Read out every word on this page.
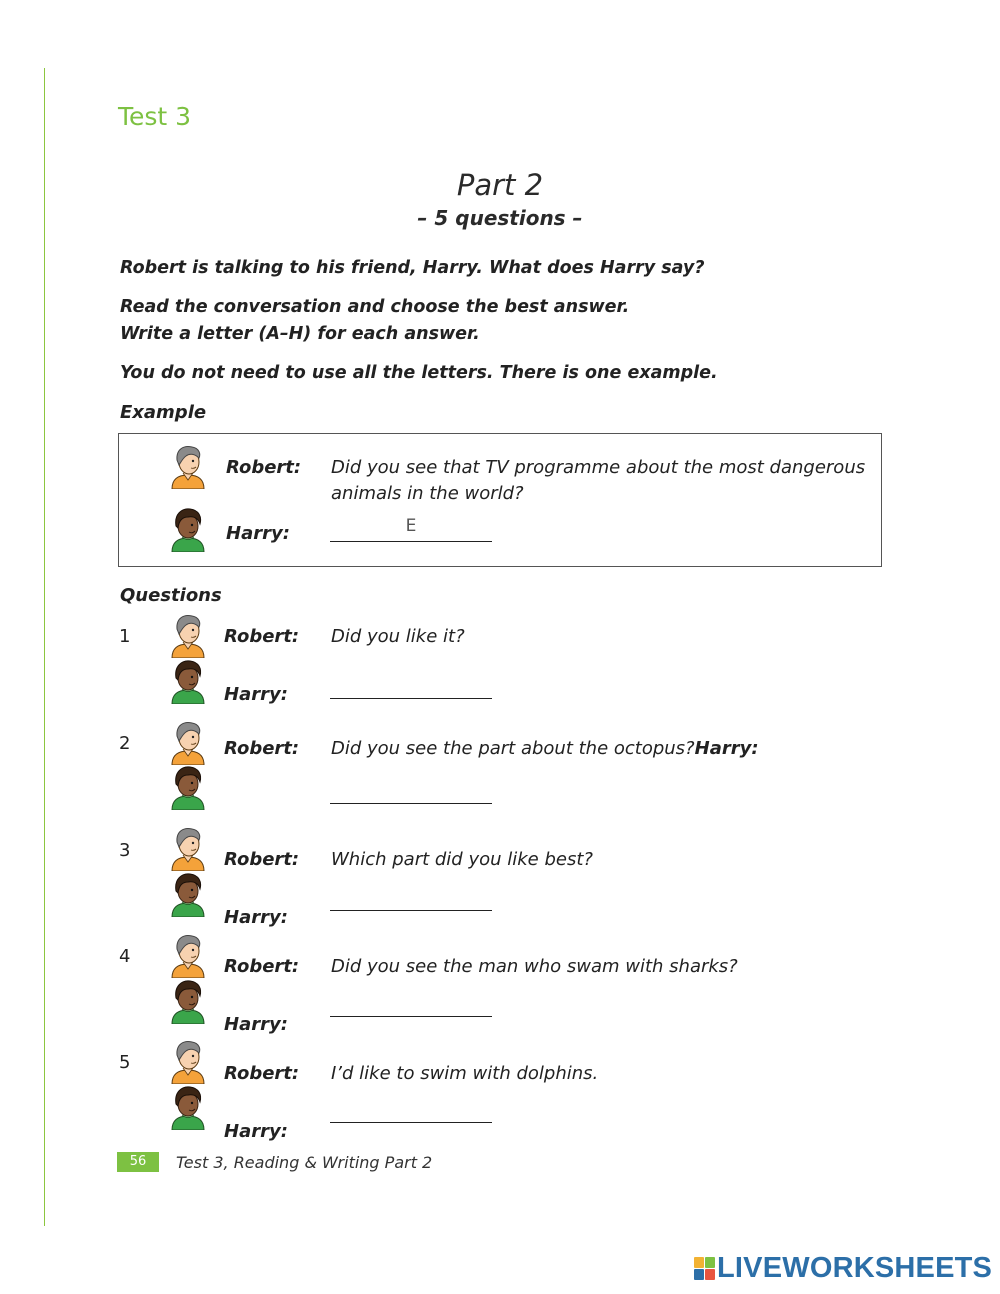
Test 3
Part 2
– 5 questions –
Robert is talking to his friend, Harry. What does Harry say?
Read the conversation and choose the best answer.
Write a letter (A–H) for each answer.
You do not need to use all the letters. There is one example.
Example
Robert: Did you see that TV programme about the most dangerous
animals in the world?
Harry:	E
Questions
1	Robert: Did you like it?
Harry:
2	Robert: Did you see the part about the octopus?Harry:
3	Robert: Which part did you like best?
Harry:
4	Robert: Did you see the man who swam with sharks?
Harry:
5
Robert: I’d like to swim with dolphins.
Harry:
56	Test 3, Reading & Writing Part 2
LIVEWORKSHEETS
